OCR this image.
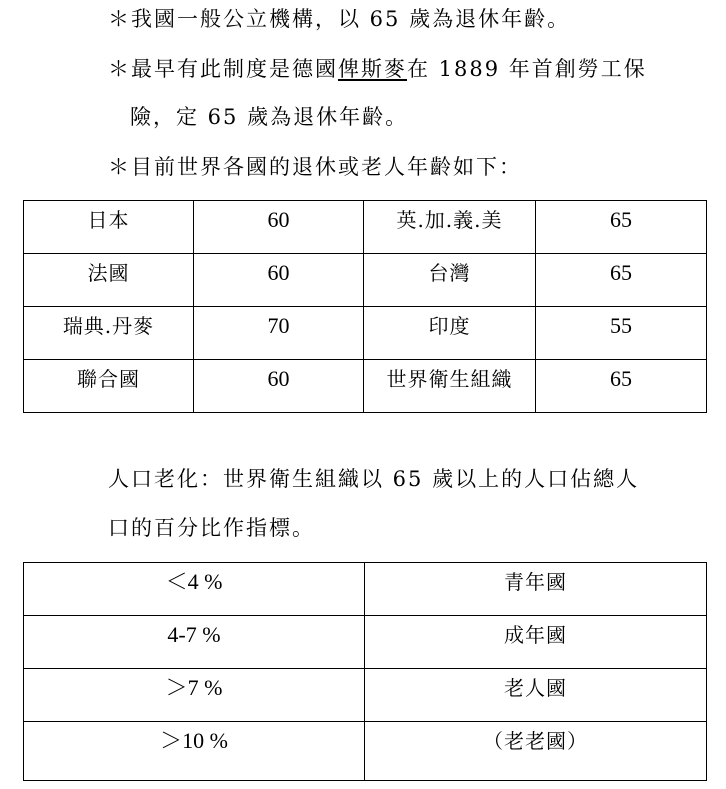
＊我國一般公立機構，以 65 歲為退休年齡。
＊最早有此制度是德國俾斯麥在 1889 年首創勞工保
險，定 65 歲為退休年齡。
＊目前世界各國的退休或老人年齡如下：
日本	60	英.加.義.美	65
法國	60	台灣	65
瑞典.丹麥	70	印度	55
聯合國	60	世界衛生組織	65
人口老化：世界衛生組織以 65 歲以上的人口佔總人
口的百分比作指標。
＜4 %	青年國
4-7 %	成年國
＞7 %	老人國
＞10 %	（老老國）
